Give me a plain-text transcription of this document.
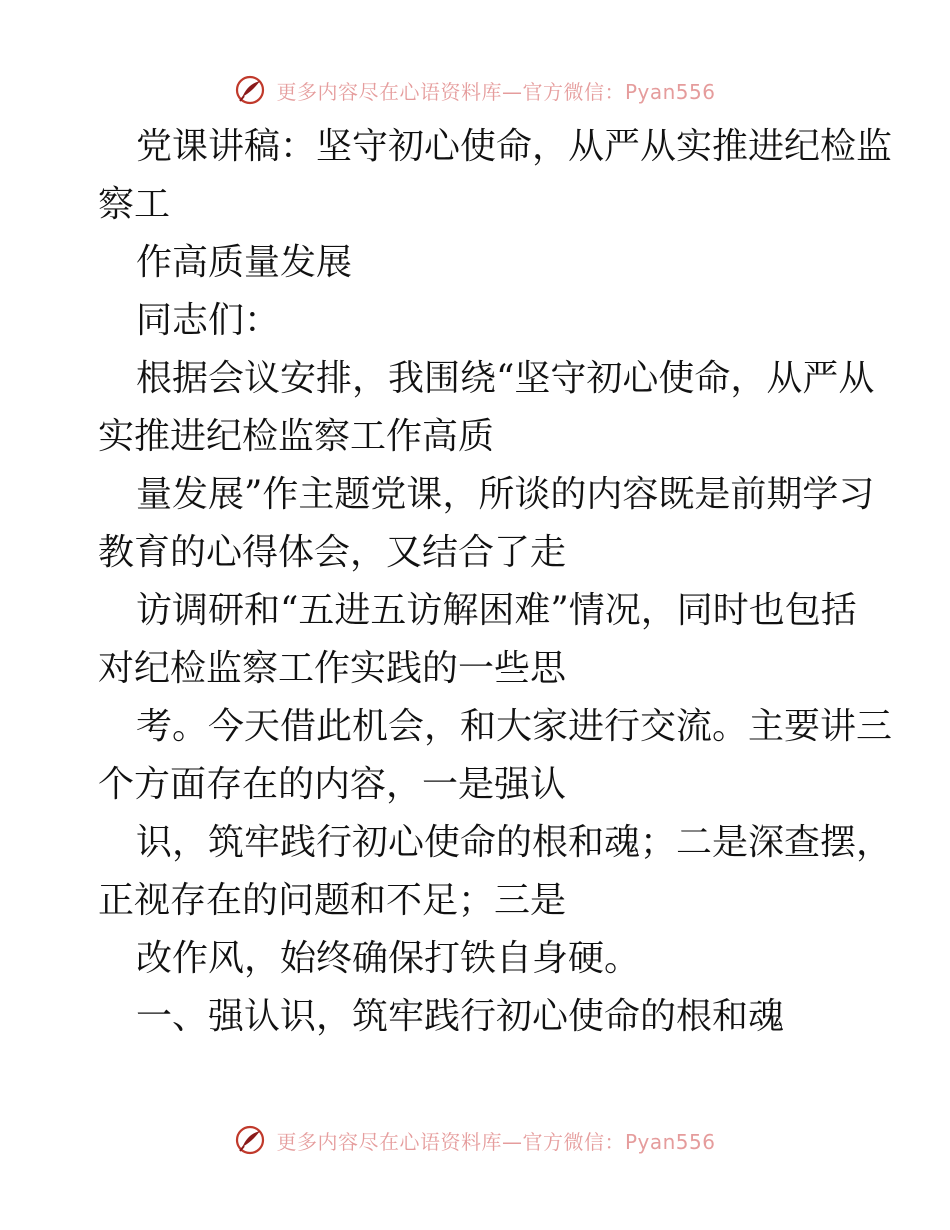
更多内容尽在心语资料库—官方微信：Pyan556
党课讲稿：坚守初心使命，从严从实推进纪检监
察工
作高质量发展
同志们：
根据会议安排，我围绕“坚守初心使命，从严从
实推进纪检监察工作高质
量发展”作主题党课，所谈的内容既是前期学习
教育的心得体会，又结合了走
访调研和“五进五访解困难”情况，同时也包括
对纪检监察工作实践的一些思
考。今天借此机会，和大家进行交流。主要讲三
个方面存在的内容，一是强认
识，筑牢践行初心使命的根和魂；二是深查摆，
正视存在的问题和不足；三是
改作风，始终确保打铁自身硬。
一、强认识，筑牢践行初心使命的根和魂
更多内容尽在心语资料库—官方微信：Pyan556
